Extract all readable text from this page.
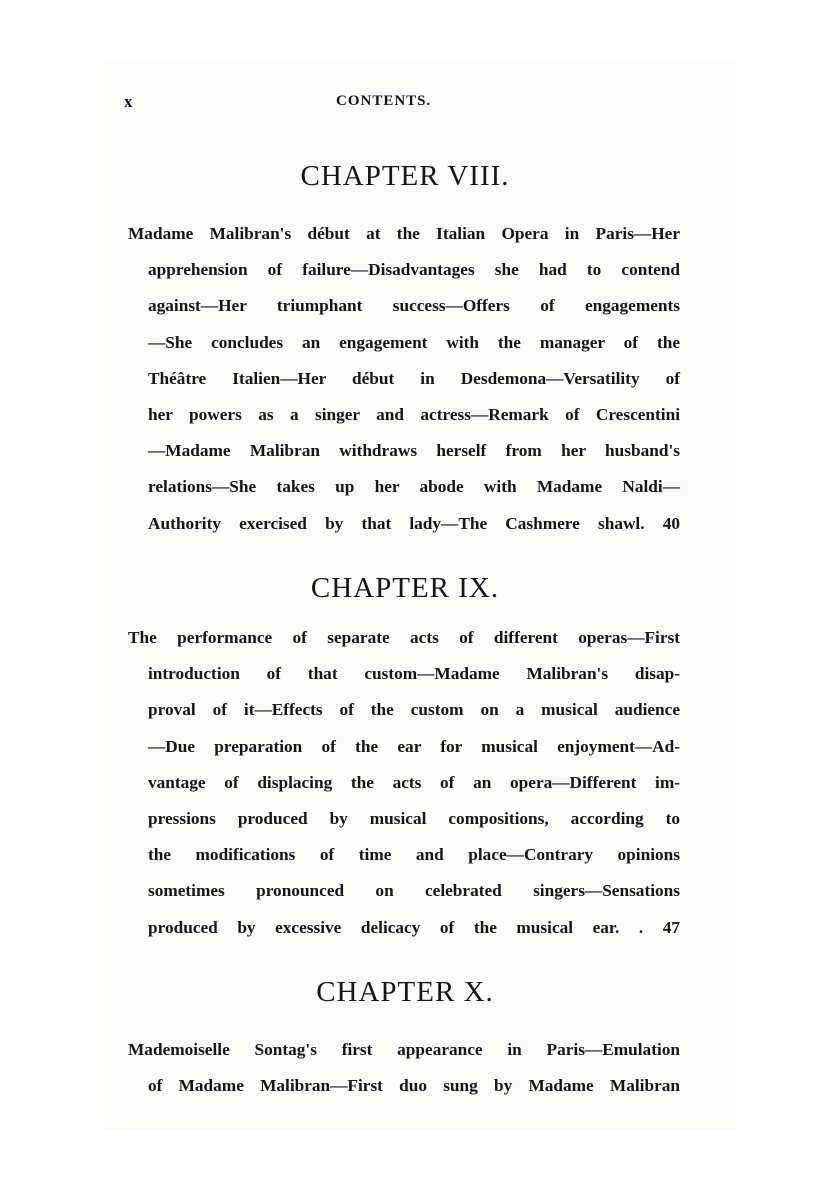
x	CONTENTS.
CHAPTER VIII.
Madame Malibran's début at the Italian Opera in Paris—Her
apprehension of failure—Disadvantages she had to contend
against—Her triumphant success—Offers of engagements
—She concludes an engagement with the manager of the
Théâtre Italien—Her début in Desdemona—Versatility of
her powers as a singer and actress—Remark of Crescentini
—Madame Malibran withdraws herself from her husband's
relations—She takes up her abode with Madame Naldi—
Authority exercised by that lady—The Cashmere shawl. 40
CHAPTER IX.
The performance of separate acts of different operas—First
introduction of that custom—Madame Malibran's disap-
proval of it—Effects of the custom on a musical audience
—Due preparation of the ear for musical enjoyment—Ad-
vantage of displacing the acts of an opera—Different im-
pressions produced by musical compositions, according to
the modifications of time and place—Contrary opinions
sometimes pronounced on celebrated singers—Sensations
produced by excessive delicacy of the musical ear. . 47
CHAPTER X.
Mademoiselle Sontag's first appearance in Paris—Emulation
of Madame Malibran—First duo sung by Madame Malibran
